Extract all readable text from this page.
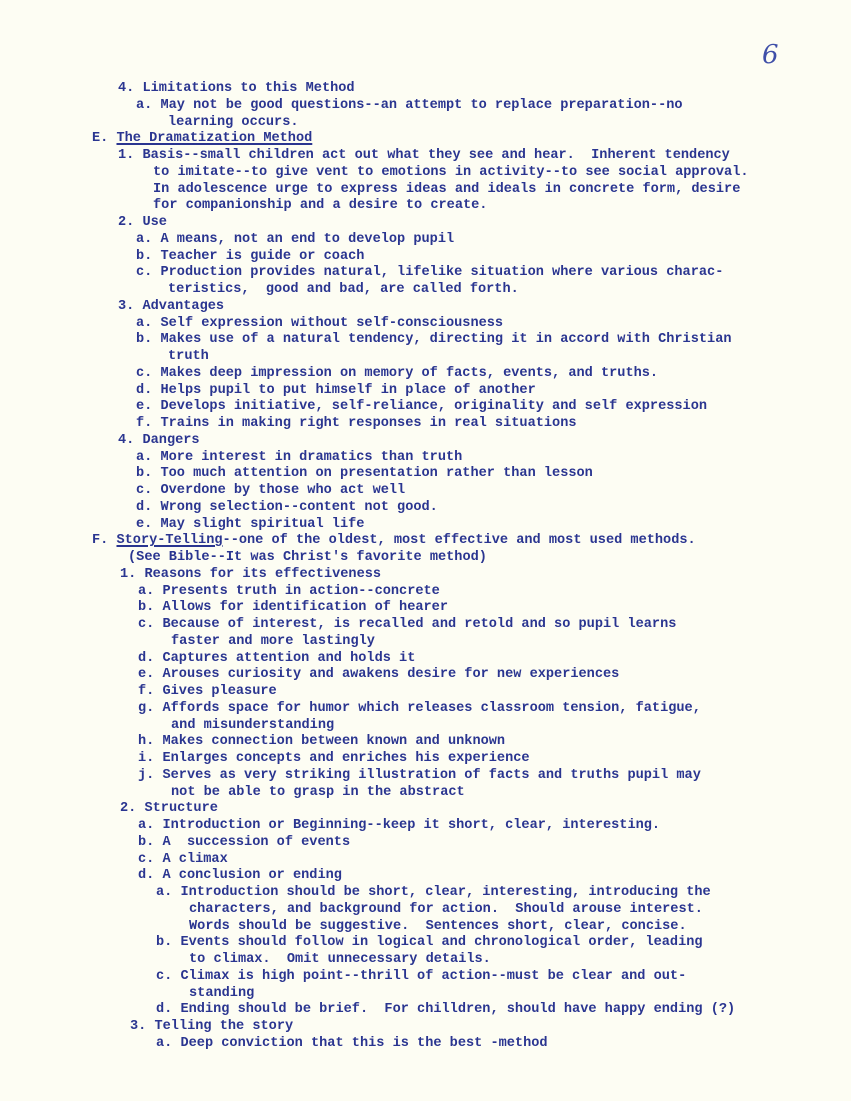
6
4. Limitations to this Method
a. May not be good questions--an attempt to replace preparation--no
learning occurs.
E. The Dramatization Method
1. Basis--small children act out what they see and hear.  Inherent tendency
to imitate--to give vent to emotions in activity--to see social approval.
In adolescence urge to express ideas and ideals in concrete form, desire
for companionship and a desire to create.
2. Use
a. A means, not an end to develop pupil
b. Teacher is guide or coach
c. Production provides natural, lifelike situation where various charac-
teristics,  good and bad, are called forth.
3. Advantages
a. Self expression without self-consciousness
b. Makes use of a natural tendency, directing it in accord with Christian
truth
c. Makes deep impression on memory of facts, events, and truths.
d. Helps pupil to put himself in place of another
e. Develops initiative, self-reliance, originality and self expression
f. Trains in making right responses in real situations
4. Dangers
a. More interest in dramatics than truth
b. Too much attention on presentation rather than lesson
c. Overdone by those who act well
d. Wrong selection--content not good.
e. May slight spiritual life
F. Story-Telling--one of the oldest, most effective and most used methods.
(See Bible--It was Christ's favorite method)
1. Reasons for its effectiveness
a. Presents truth in action--concrete
b. Allows for identification of hearer
c. Because of interest, is recalled and retold and so pupil learns
faster and more lastingly
d. Captures attention and holds it
e. Arouses curiosity and awakens desire for new experiences
f. Gives pleasure
g. Affords space for humor which releases classroom tension, fatigue,
and misunderstanding
h. Makes connection between known and unknown
i. Enlarges concepts and enriches his experience
j. Serves as very striking illustration of facts and truths pupil may
not be able to grasp in the abstract
2. Structure
a. Introduction or Beginning--keep it short, clear, interesting.
b. A  succession of events
c. A climax
d. A conclusion or ending
a. Introduction should be short, clear, interesting, introducing the
characters, and background for action.  Should arouse interest.
Words should be suggestive.  Sentences short, clear, concise.
b. Events should follow in logical and chronological order, leading
to climax.  Omit unnecessary details.
c. Climax is high point--thrill of action--must be clear and out-
standing
d. Ending should be brief.  For chilldren, should have happy ending (?)
3. Telling the story
a. Deep conviction that this is the best -method
